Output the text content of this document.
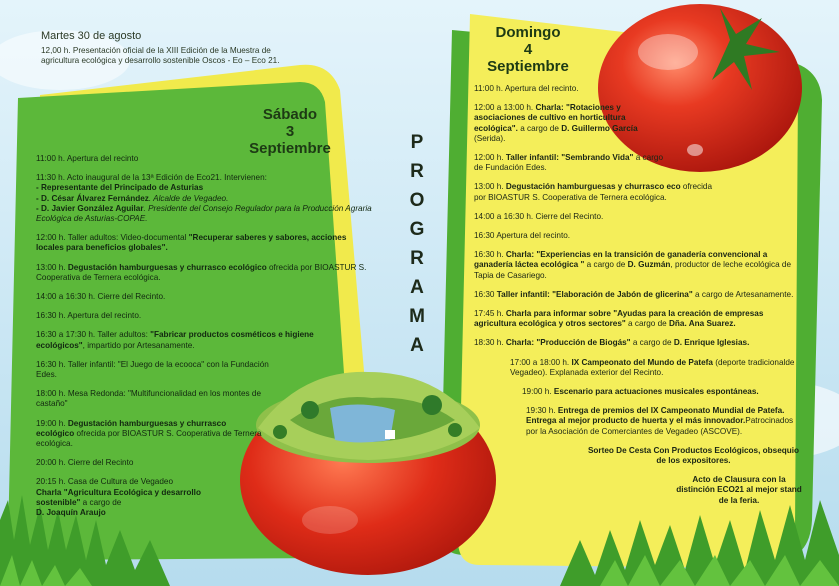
Martes 30 de agosto
12,00 h. Presentación oficial de la XIII Edición de la Muestra de agricultura ecológica y desarrollo sostenible Oscos - Eo – Eco 21.
Sábado
3
Septiembre
11:00 h. Apertura del recinto
11:30 h. Acto inaugural de la 13ª Edición de Eco21. Intervienen:
- Representante del Principado de Asturias
- D. César Álvarez Fernández. Alcalde de Vegadeo.
- D. Javier González Aguilar. Presidente del Consejo Regulador para la Producción Agraria Ecológica de Asturias-COPAE.
12:00 h. Taller adultos: Video-documental "Recuperar saberes y sabores, acciones locales para beneficios globales".
13:00 h. Degustación hamburguesas y churrasco ecológico ofrecida por BIOASTUR S. Cooperativa de Ternera ecológica.
14:00 a 16:30 h. Cierre del Recinto.
16:30 h. Apertura del recinto.
16:30 a 17:30 h. Taller adultos: "Fabricar productos cosméticos e higiene ecológicos", impartido por Artesanamente.
16:30 h. Taller infantil: "El Juego de la ecooca" con la Fundación Edes.
18:00 h. Mesa Redonda: "Multifuncionalidad en los montes de castaño"
19:00 h. Degustación hamburguesas y churrasco ecológico ofrecida por BIOASTUR S. Cooperativa de Ternera ecológica.
20:00 h. Cierre del Recinto
20:15 h. Casa de Cultura de Vegadeo
Charla "Agricultura Ecológica y desarrollo sostenible" a cargo de
D. Joaquín Araujo
P
R
O
G
R
A
M
A
Domingo
4
Septiembre
11:00 h. Apertura del recinto.
12:00 a 13:00 h. Charla: "Rotaciones y asociaciones de cultivo en horticultura ecológica". a cargo de D. Guillermo García (Serida).
12:00 h. Taller infantil: "Sembrando Vida" a cargo de Fundación Edes.
13:00 h. Degustación hamburguesas y churrasco eco ofrecida por BIOASTUR S. Cooperativa de Ternera ecológica.
14:00 a 16:30 h. Cierre del Recinto.
16:30 Apertura del recinto.
16:30 h. Charla: "Experiencias en la transición de ganadería convencional a ganadería láctea ecológica " a cargo de D. Guzmán, productor de leche ecológica de Tapia de Casariego.
16:30 Taller infantil: "Elaboración de Jabón de glicerina" a cargo de Artesanamente.
17:45 h. Charla para informar sobre "Ayudas para la creación de empresas agricultura ecológica y otros sectores" a cargo de Dña. Ana Suarez.
18:30 h. Charla: "Producción de Biogás" a cargo de D. Enrique Iglesias.
17:00 a 18:00 h. IX Campeonato del Mundo de Patefa (deporte tradicionalde Vegadeo). Explanada exterior del Recinto.
19:00 h. Escenario para actuaciones musicales espontáneas.
19:30 h. Entrega de premios del IX Campeonato Mundial de Patefa. Entrega al mejor producto de huerta y el más innovador.Patrocinados por la Asociación de Comerciantes de Vegadeo (ASCOVE).
Sorteo De Cesta Con Productos Ecológicos, obsequio de los expositores.
Acto de Clausura con la distinción ECO21 al mejor stand de la feria.
